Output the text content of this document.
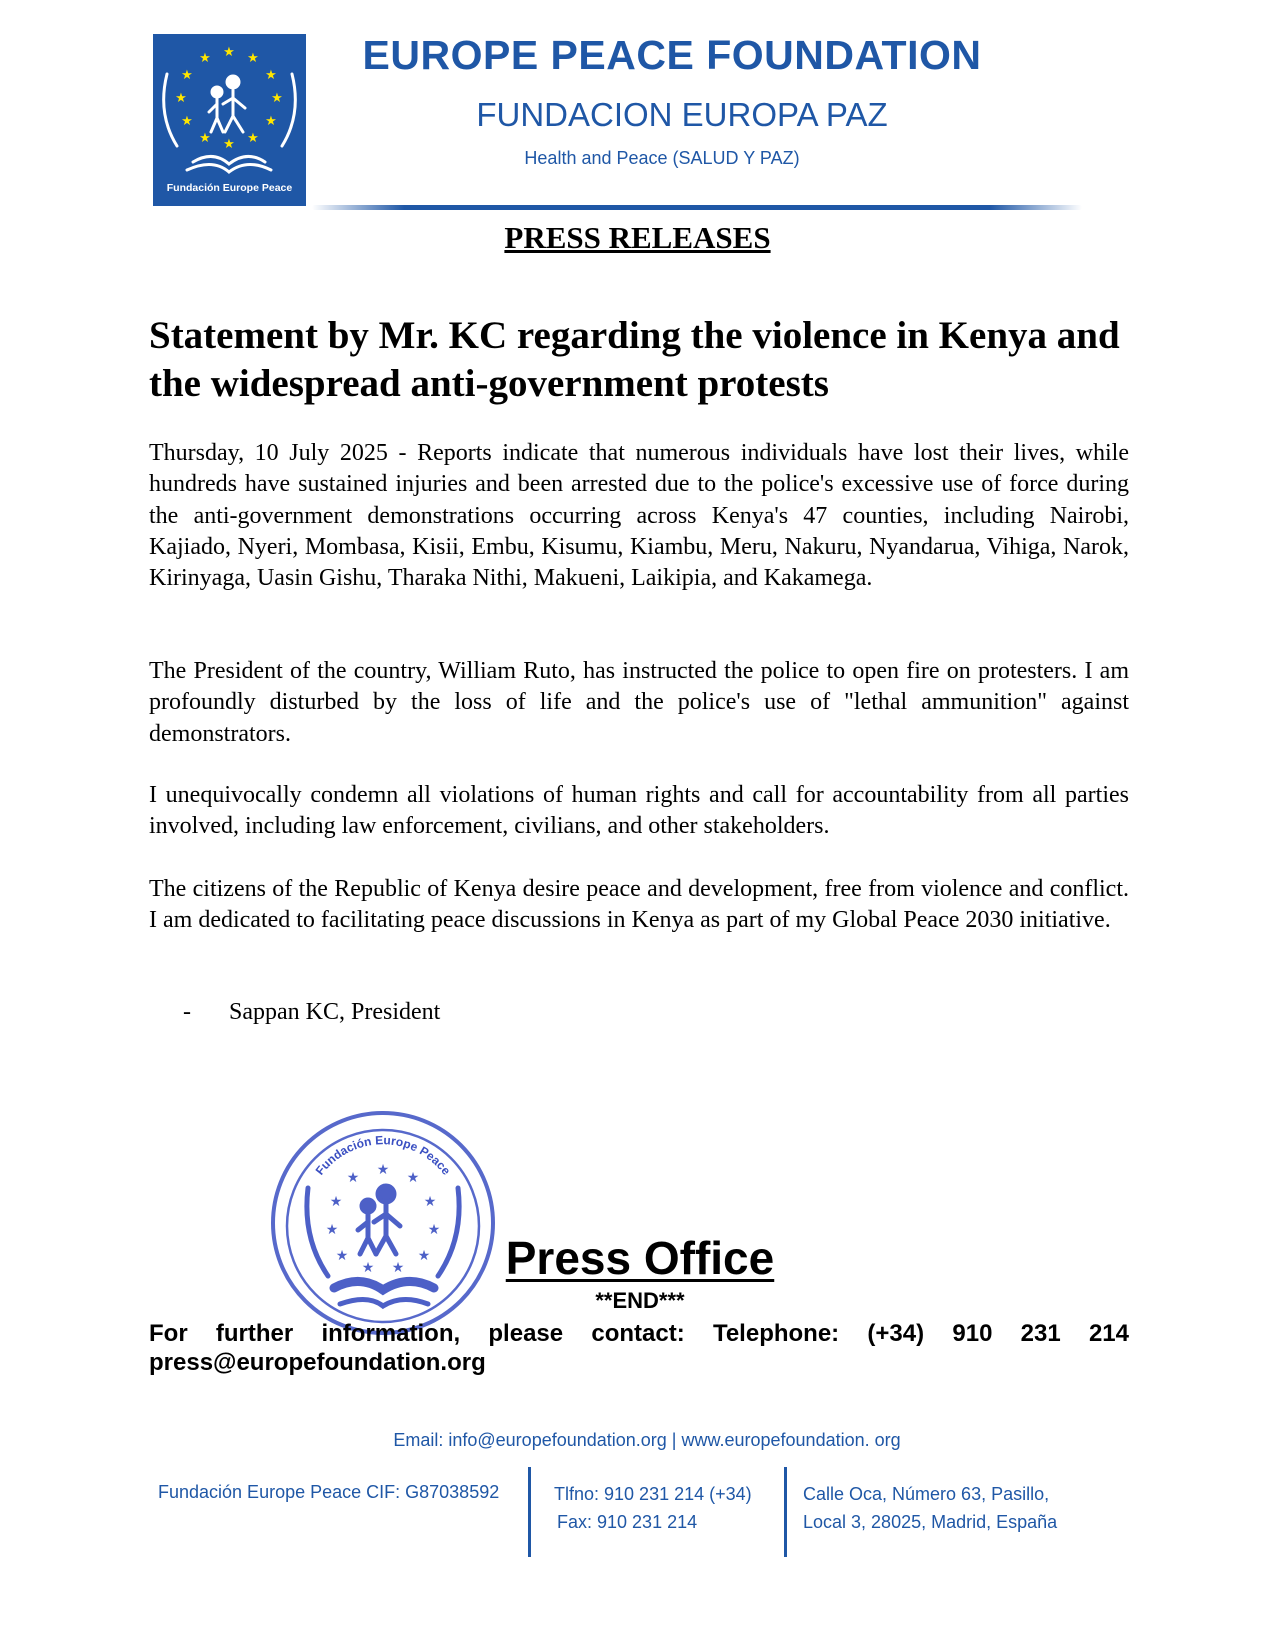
★ ★
★
★
★
★
★
★
★
★
★
★
Fundación Europe Peace
EUROPE PEACE FOUNDATION
FUNDACION EUROPA PAZ
Health and Peace (SALUD Y PAZ)
PRESS RELEASES
Statement by Mr. KC regarding the violence in Kenya and the widespread anti-government protests
Thursday, 10 July 2025 - Reports indicate that numerous individuals have lost their lives, while hundreds have sustained injuries and been arrested due to the police's excessive use of force during the anti-government demonstrations occurring across Kenya's 47 counties, including Nairobi, Kajiado, Nyeri, Mombasa, Kisii, Embu, Kisumu, Kiambu, Meru, Nakuru, Nyandarua, Vihiga, Narok, Kirinyaga, Uasin Gishu, Tharaka Nithi, Makueni, Laikipia, and Kakamega.
The President of the country, William Ruto, has instructed the police to open fire on protesters. I am profoundly disturbed by the loss of life and the police's use of "lethal ammunition" against demonstrators.
I unequivocally condemn all violations of human rights and call for accountability from all parties involved, including law enforcement, civilians, and other stakeholders.
The citizens of the Republic of Kenya desire peace and development, free from violence and conflict. I am dedicated to facilitating peace discussions in Kenya as part of my Global Peace 2030 initiative.
- Sappan KC, President
Fundación Europe Peace
★
★
★
★
★
★
★
★
★
★ ★	Press Office
**END***
For further information, please contact: Telephone: (+34) 910 231 214
press@europefoundation.org
Email: info@europefoundation.org | www.europefoundation. org
Fundación Europe Peace CIF: G87038592	Tlfno: 910 231 214 (+34)
Fax: 910 231 214
Calle Oca, Número 63, Pasillo,
Local 3, 28025, Madrid, España
